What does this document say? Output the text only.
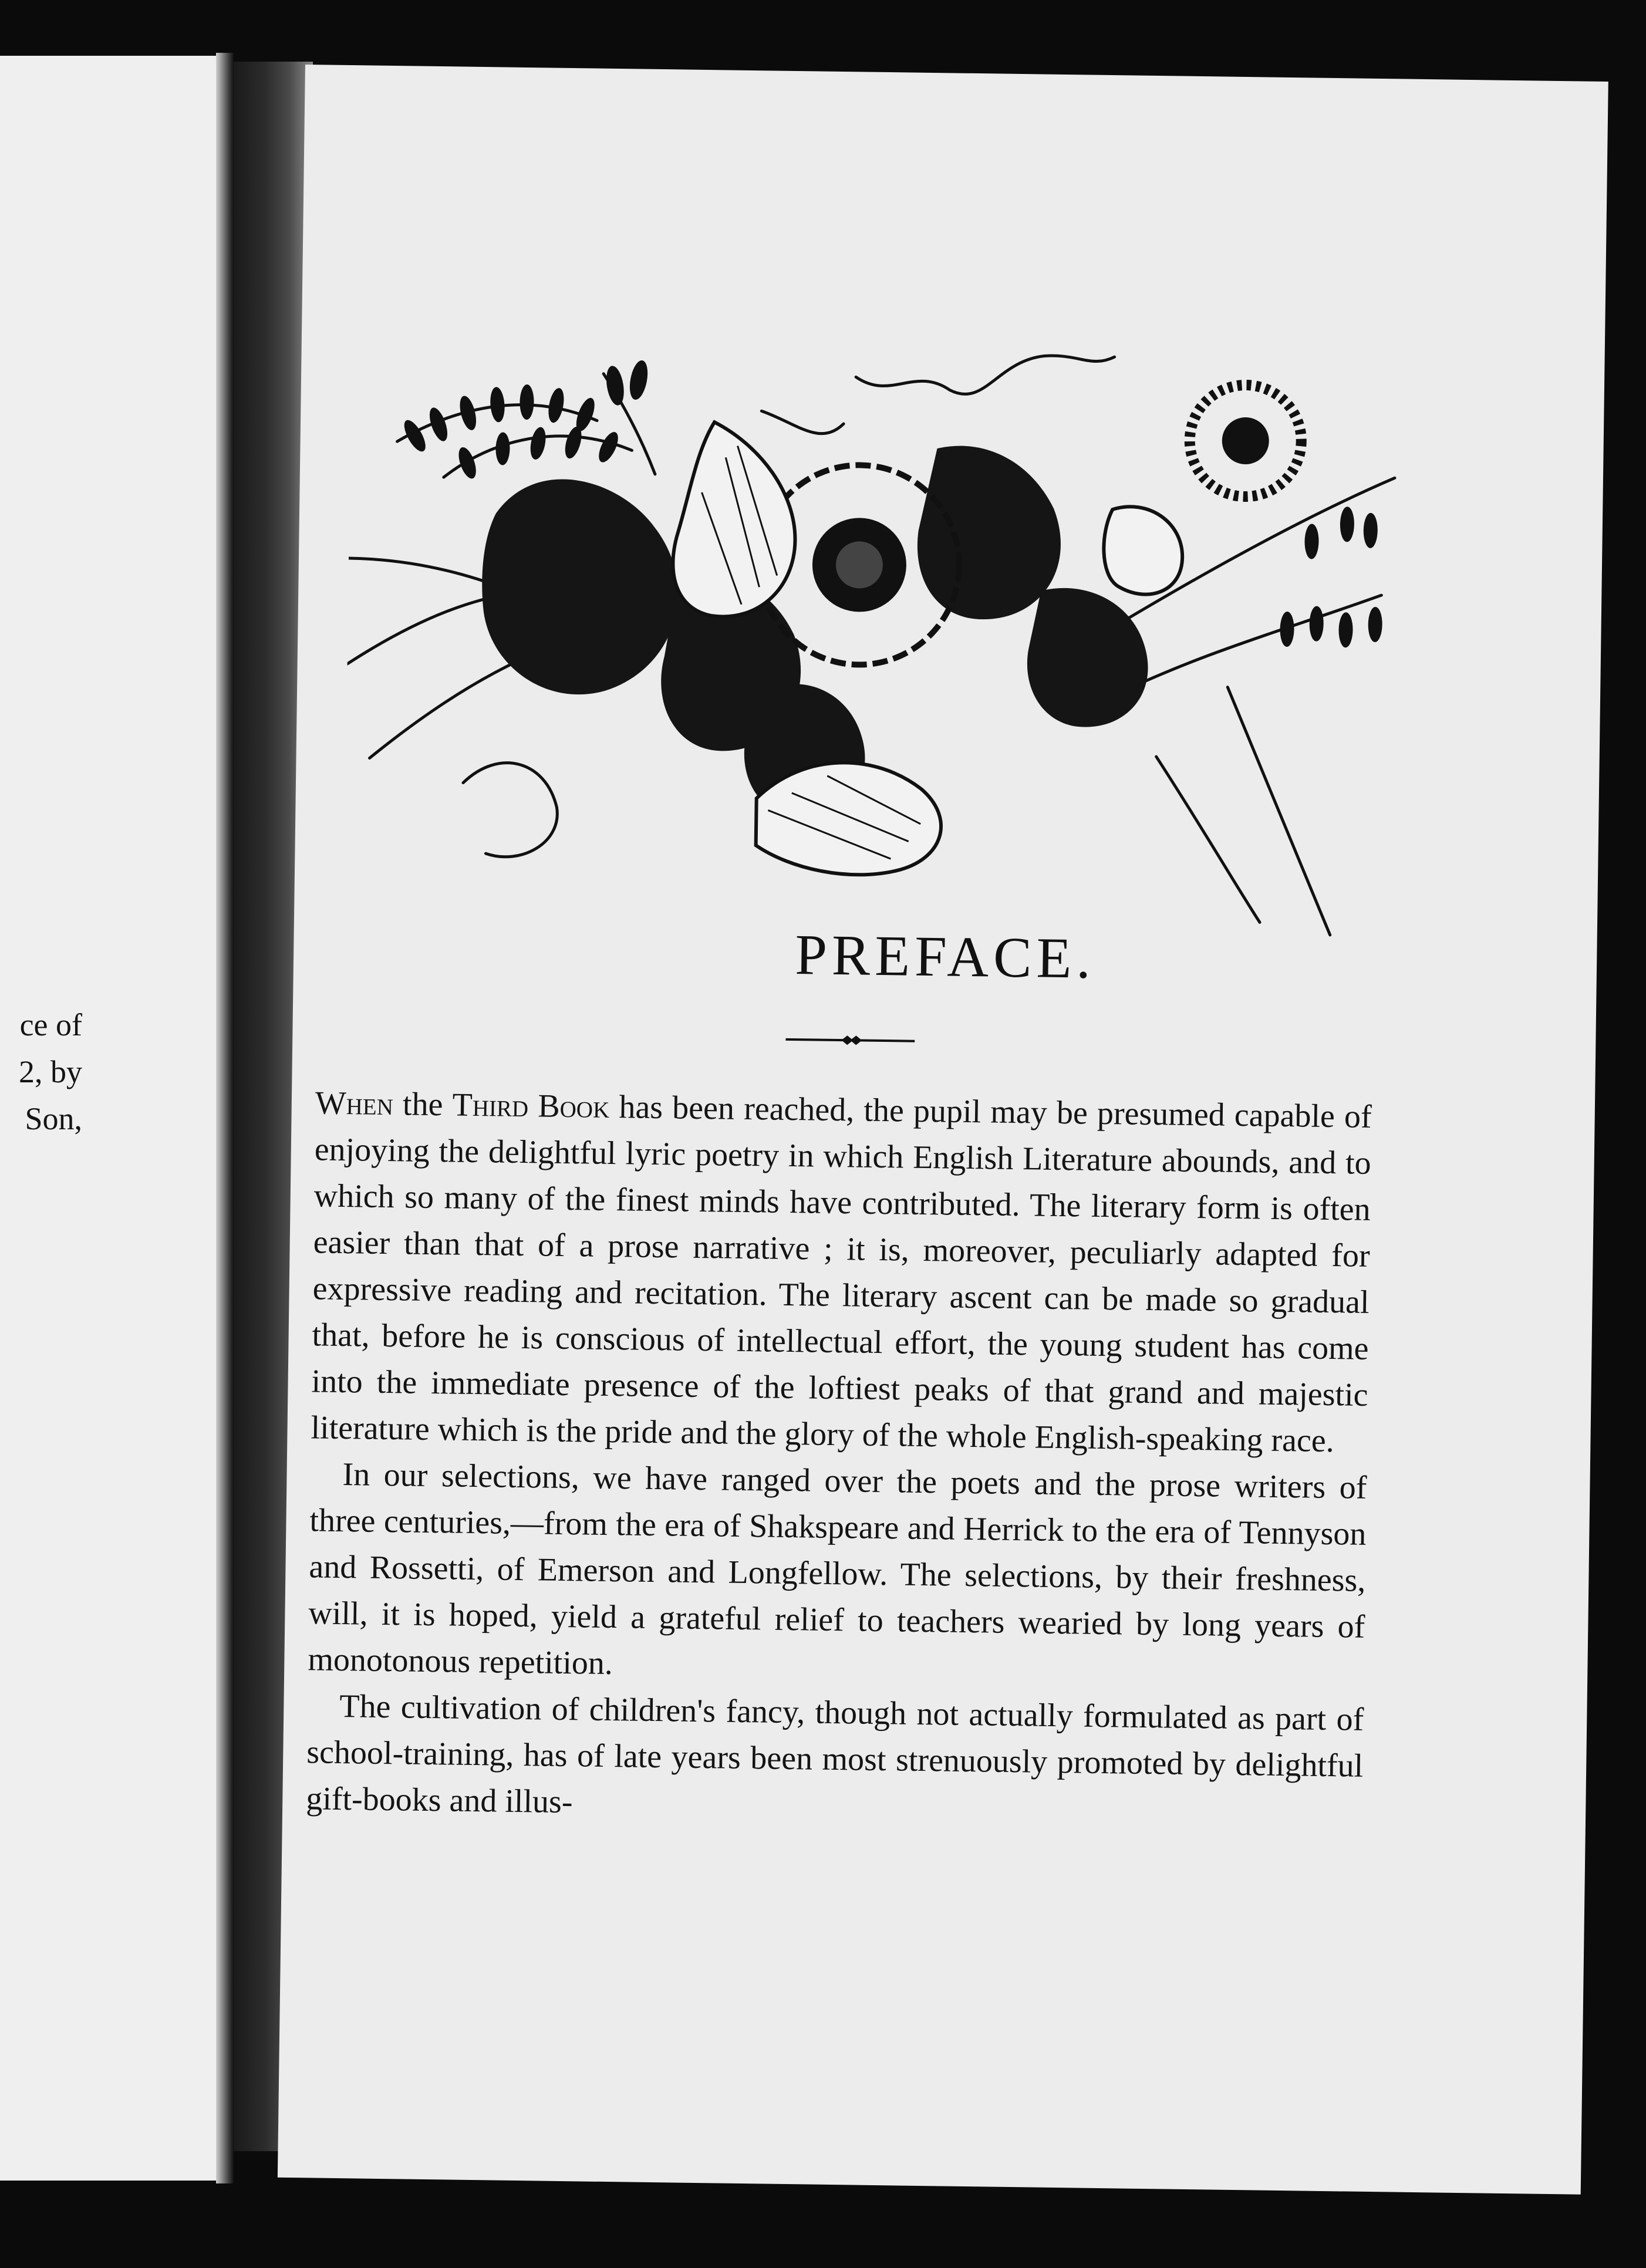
ce of
2, by
Son,
PREFACE.

When the Third Book has been reached, the pupil may be presumed capable of enjoying the delightful lyric poetry in which English Literature abounds, and to which so many of the finest minds have contributed. The literary form is often easier than that of a prose narrative ; it is, moreover, peculiarly adapted for expressive reading and recitation. The literary ascent can be made so gradual that, before he is conscious of intellectual effort, the young student has come into the immediate presence of the loftiest peaks of that grand and majestic literature which is the pride and the glory of the whole English-speaking race.

In our selections, we have ranged over the poets and the prose writers of three centuries,—from the era of Shakspeare and Herrick to the era of Tennyson and Rossetti, of Emerson and Longfellow. The selections, by their freshness, will, it is hoped, yield a grateful relief to teachers wearied by long years of monotonous repetition.

The cultivation of children's fancy, though not actually formulated as part of school-training, has of late years been most strenuously promoted by delightful gift-books and illus-
